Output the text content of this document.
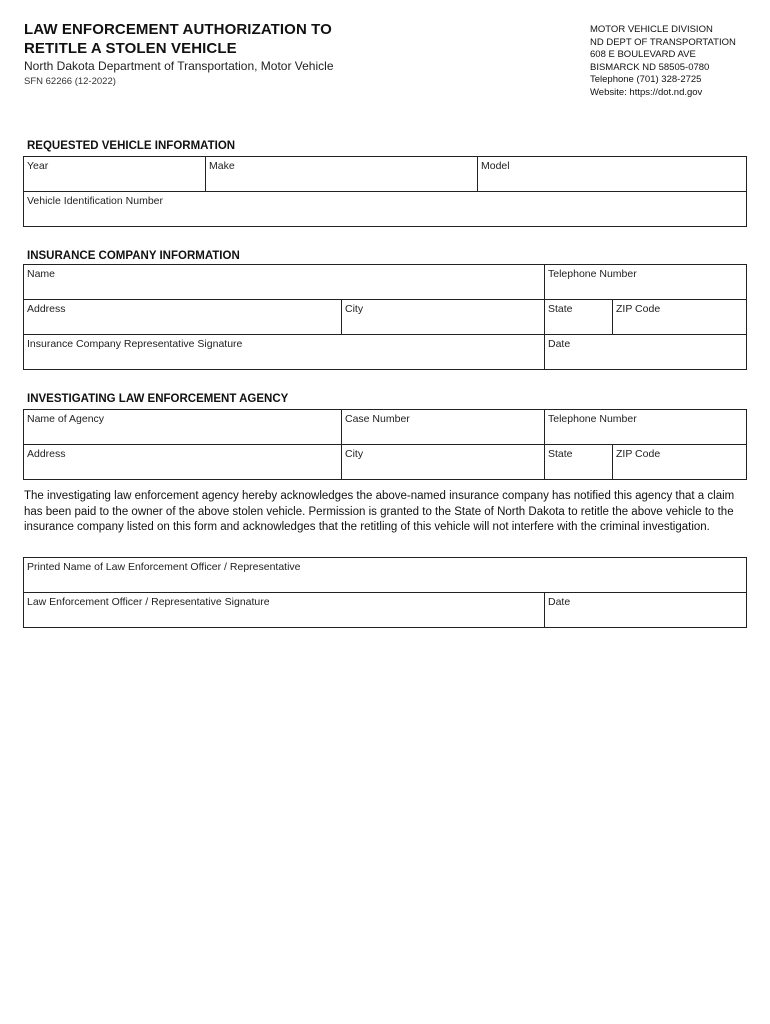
LAW ENFORCEMENT AUTHORIZATION TO
RETITLE A STOLEN VEHICLE
North Dakota Department of Transportation, Motor Vehicle
SFN 62266 (12-2022)
MOTOR VEHICLE DIVISION
ND DEPT OF TRANSPORTATION
608 E BOULEVARD AVE
BISMARCK ND 58505-0780
Telephone (701) 328-2725
Website: https://dot.nd.gov
REQUESTED VEHICLE INFORMATION
Year	Make	Model
Vehicle Identification Number
INSURANCE COMPANY INFORMATION
Name	Telephone Number
Address	City	State	ZIP Code
Insurance Company Representative Signature	Date
INVESTIGATING LAW ENFORCEMENT AGENCY
Name of Agency	Case Number	Telephone Number
Address	City	State	ZIP Code
The investigating law enforcement agency hereby acknowledges the above-named insurance company has notified this agency that a claim has been paid to the owner of the above stolen vehicle. Permission is granted to the State of North Dakota to retitle the above vehicle to the insurance company listed on this form and acknowledges that the retitling of this vehicle will not interfere with the criminal investigation.
Printed Name of Law Enforcement Officer / Representative
Law Enforcement Officer / Representative Signature	Date
